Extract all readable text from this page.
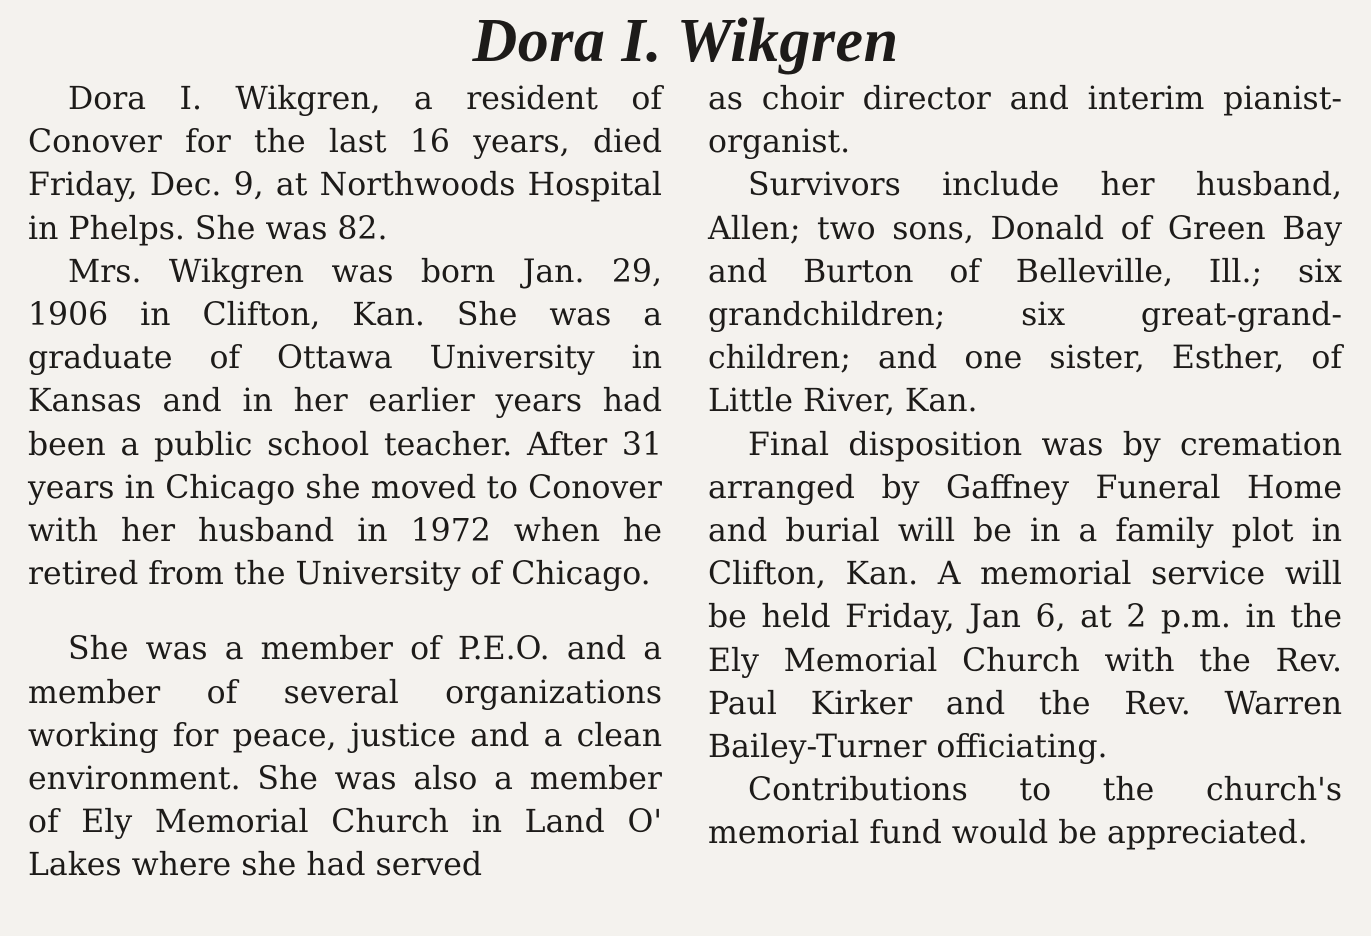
Dora I. Wikgren

Dora I. Wikgren, a resident of Conover for the last 16 years, died Friday, Dec. 9, at Northwoods Hospital in Phelps. She was 82.

Mrs. Wikgren was born Jan. 29, 1906 in Clifton, Kan. She was a graduate of Ottawa University in Kansas and in her earlier years had been a public school teacher. After 31 years in Chicago she moved to Conover with her husband in 1972 when he retired from the University of Chicago.

She was a member of P.E.O. and a member of several organizations working for peace, justice and a clean environment. She was also a member of Ely Memorial Church in Land O' Lakes where she had served

as choir director and interim pianist-organist.

Survivors include her husband, Allen; two sons, Donald of Green Bay and Burton of Belleville, Ill.; six grandchildren; six great-grandchildren; and one sister, Esther, of Little River, Kan.

Final disposition was by cremation arranged by Gaffney Funeral Home and burial will be in a family plot in Clifton, Kan. A memorial service will be held Friday, Jan 6, at 2 p.m. in the Ely Memorial Church with the Rev. Paul Kirker and the Rev. Warren Bailey-Turner officiating.

Contributions to the church's memorial fund would be appreciated.
